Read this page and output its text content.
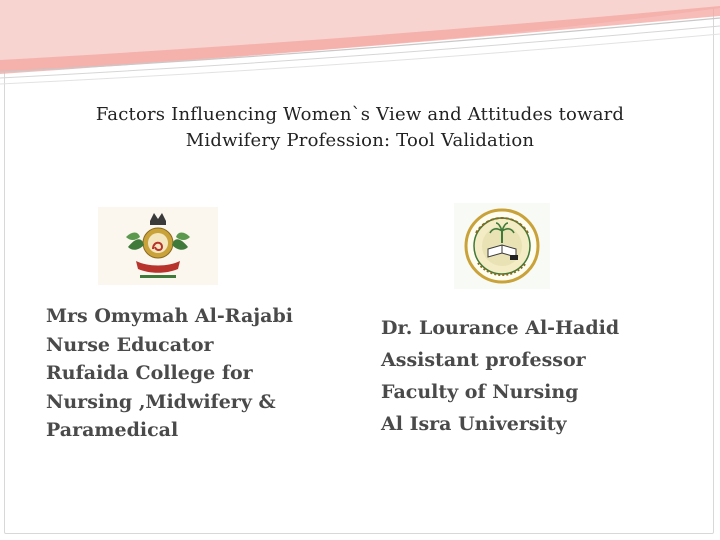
Factors Influencing Women`s View and Attitudes toward
Midwifery Profession: Tool Validation
Mrs Omymah Al-Rajabi
Nurse Educator
Rufaida College for
Nursing ,Midwifery &
Paramedical
Dr. Lourance Al-Hadid
Assistant professor
Faculty of Nursing
Al Isra University
